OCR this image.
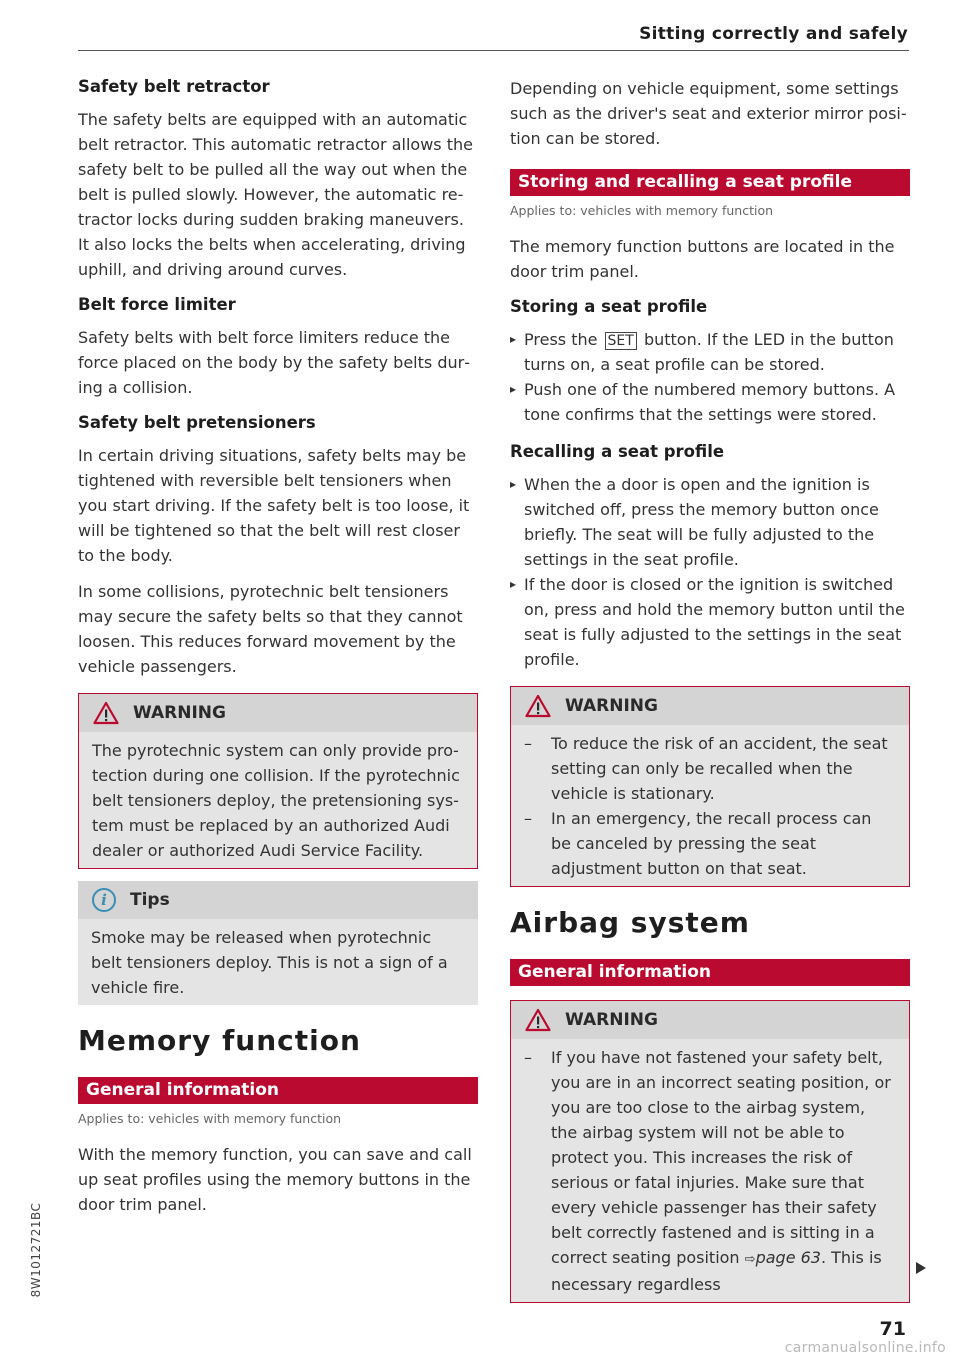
Sitting correctly and safely
Safety belt retractor

The safety belts are equipped with an automatic belt retractor. This automatic retractor allows the safety belt to be pulled all the way out when the belt is pulled slowly. However, the automatic retractor locks during sudden braking maneuvers. It also locks the belts when accelerating, driving uphill, and driving around curves.

Belt force limiter

Safety belts with belt force limiters reduce the force placed on the body by the safety belts during a collision.

Safety belt pretensioners

In certain driving situations, safety belts may be tightened with reversible belt tensioners when you start driving. If the safety belt is too loose, it will be tightened so that the belt will rest closer to the body.

In some collisions, pyrotechnic belt tensioners may secure the safety belts so that they cannot loosen. This reduces forward movement by the vehicle passengers.

WARNING

The pyrotechnic system can only provide protection during one collision. If the pyrotechnic belt tensioners deploy, the pretensioning system must be replaced by an authorized Audi dealer or authorized Audi Service Facility.

i	Tips

Smoke may be released when pyrotechnic belt tensioners deploy. This is not a sign of a vehicle fire.

Memory function
General information
Applies to: vehicles with memory function

With the memory function, you can save and call up seat profiles using the memory buttons in the door trim panel.

Depending on vehicle equipment, some settings such as the driver's seat and exterior mirror position can be stored.

Storing and recalling a seat profile
Applies to: vehicles with memory function

The memory function buttons are located in the door trim panel.

Storing a seat profile
▸ Press the SET button. If the LED in the button turns on, a seat profile can be stored.
▸ Push one of the numbered memory buttons. A tone confirms that the settings were stored.
Recalling a seat profile
▸ When the a door is open and the ignition is switched off, press the memory button once briefly. The seat will be fully adjusted to the settings in the seat profile.
▸ If the door is closed or the ignition is switched on, press and hold the memory button until the seat is fully adjusted to the settings in the seat profile.
WARNING
– To reduce the risk of an accident, the seat setting can only be recalled when the vehicle is stationary.
– In an emergency, the recall process can be canceled by pressing the seat adjustment button on that seat.
Airbag system
General information
WARNING
– If you have not fastened your safety belt, you are in an incorrect seating position, or you are too close to the airbag system, the airbag system will not be able to protect you. This increases the risk of serious or fatal injuries. Make sure that every vehicle passenger has their safety belt correctly fastened and is sitting in a correct seating position ⇨page 63. This is necessary regardless
8W1012721BC
71
carmanualsonline.info
